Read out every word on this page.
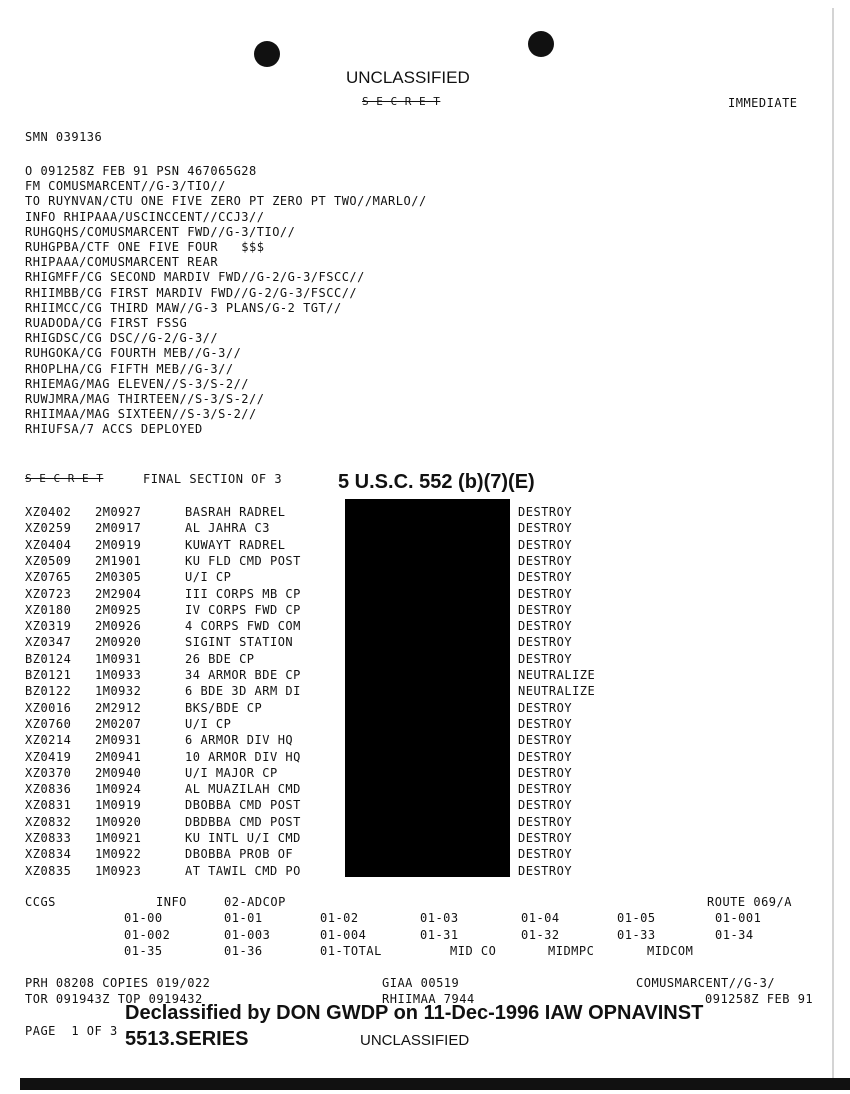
UNCLASSIFIED
S E C R E T	IMMEDIATE
SMN 039136
O 091258Z FEB 91 PSN 467065G28
FM COMUSMARCENT//G-3/TIO//
TO RUYNVAN/CTU ONE FIVE ZERO PT ZERO PT TWO//MARLO//
INFO RHIPAAA/USCINCCENT//CCJ3//
RUHGQHS/COMUSMARCENT FWD//G-3/TIO//
RUHGPBA/CTF ONE FIVE FOUR   $$$
RHIPAAA/COMUSMARCENT REAR
RHIGMFF/CG SECOND MARDIV FWD//G-2/G-3/FSCC//
RHIIMBB/CG FIRST MARDIV FWD//G-2/G-3/FSCC//
RHIIMCC/CG THIRD MAW//G-3 PLANS/G-2 TGT//
RUADODA/CG FIRST FSSG
RHIGDSC/CG DSC//G-2/G-3//
RUHGOKA/CG FOURTH MEB//G-3//
RHOPLHA/CG FIFTH MEB//G-3//
RHIEMAG/MAG ELEVEN//S-3/S-2//
RUWJMRA/MAG THIRTEEN//S-3/S-2//
RHIIMAA/MAG SIXTEEN//S-3/S-2//
RHIUFSA/7 ACCS DEPLOYED
S E C R E T	FINAL SECTION OF 3	5 U.S.C. 552 (b)(7)(E)
XZ0402 2M0927	BASRAH RADREL	DESTROY
XZ0259 2M0917	AL JAHRA C3	DESTROY
XZ0404 2M0919	KUWAYT RADREL	DESTROY
XZ0509 2M1901	KU FLD CMD POST	DESTROY
XZ0765 2M0305	U/I CP	DESTROY
XZ0723 2M2904	III CORPS MB CP	DESTROY
XZ0180 2M0925	IV CORPS FWD CP	DESTROY
XZ0319 2M0926	4 CORPS FWD COM	DESTROY
XZ0347 2M0920	SIGINT STATION	DESTROY
BZ0124 1M0931	26 BDE CP	DESTROY
BZ0121 1M0933	34 ARMOR BDE CP	NEUTRALIZE
BZ0122 1M0932	6 BDE 3D ARM DI	NEUTRALIZE
XZ0016 2M2912	BKS/BDE CP	DESTROY
XZ0760 2M0207	U/I CP	DESTROY
XZ0214 2M0931	6 ARMOR DIV HQ	DESTROY
XZ0419 2M0941	10 ARMOR DIV HQ	DESTROY
XZ0370 2M0940	U/I MAJOR CP	DESTROY
XZ0836 1M0924	AL MUAZILAH CMD	DESTROY
XZ0831 1M0919	DBOBBA CMD POST	DESTROY
XZ0832 1M0920	DBDBBA CMD POST	DESTROY
XZ0833 1M0921	KU INTL U/I CMD	DESTROY
XZ0834 1M0922	DBOBBA PROB OF	DESTROY
XZ0835 1M0923	AT TAWIL CMD PO	DESTROY
CCGS	INFO	02-ADCOP	ROUTE 069/A
01-00	01-01	01-02	01-03	01-04	01-05	01-001
01-002	01-003	01-004	01-31	01-32	01-33	01-34
01-35	01-36	01-TOTAL	MID CO	MIDMPC	MIDCOM
PRH 08208 COPIES 019/022	GIAA 00519	COMUSMARCENT//G-3/
TOR 091943Z TOP 0919432	RHIIMAA 7944	091258Z FEB 91
PAGE  1 OF 3
Declassified by DON GWDP on 11-Dec-1996 IAW OPNAVINST
5513.SERIES	UNCLASSIFIED
